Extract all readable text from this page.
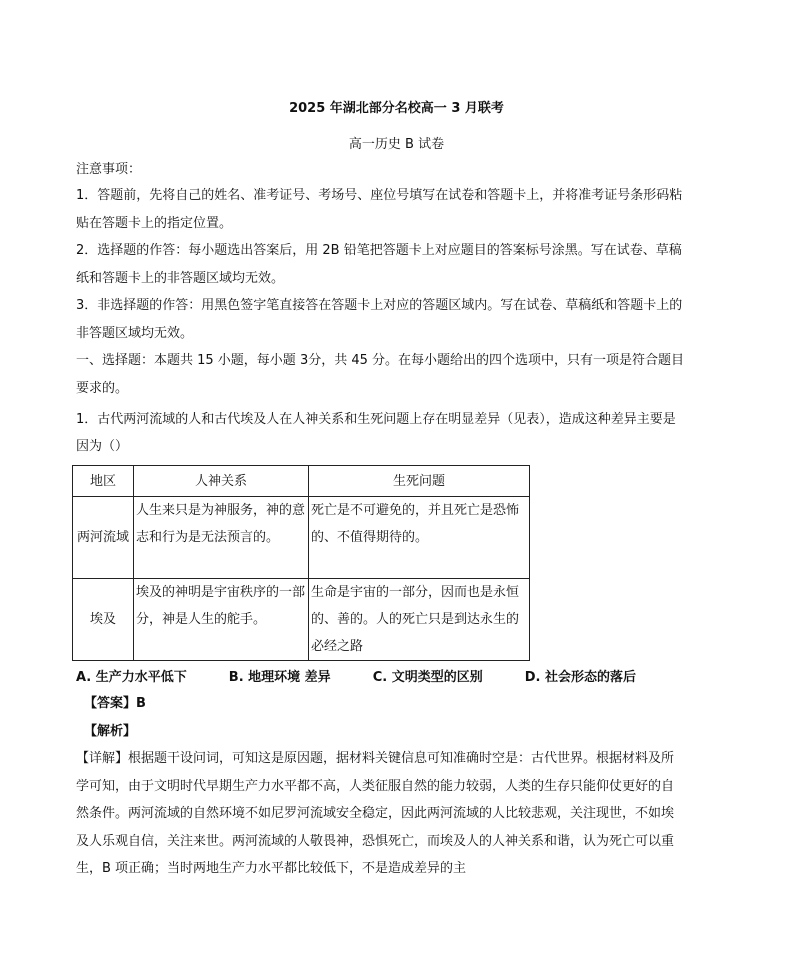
2025 年湖北部分名校高一 3 月联考
高一历史 B 试卷
注意事项：
1．答题前，先将自己的姓名、准考证号、考场号、座位号填写在试卷和答题卡上，并将准考证号条形码粘贴在答题卡上的指定位置。
2．选择题的作答：每小题选出答案后，用 2B 铅笔把答题卡上对应题目的答案标号涂黑。写在试卷、草稿纸和答题卡上的非答题区域均无效。
3．非选择题的作答：用黑色签字笔直接答在答题卡上对应的答题区域内。写在试卷、草稿纸和答题卡上的非答题区域均无效。
一、选择题：本题共 15 小题，每小题 3分，共 45 分。在每小题给出的四个选项中，只有一项是符合题目要求的。
1．古代两河流域的人和古代埃及人在人神关系和生死问题上存在明显差异（见表），造成这种差异主要是因为（）
地区	人神关系	生死问题
两河流域	人生来只是为神服务，神的意志和行为是无法预言的。	死亡是不可避免的，并且死亡是恐怖的、不值得期待的。
埃及	埃及的神明是宇宙秩序的一部分，神是人生的舵手。	生命是宇宙的一部分，因而也是永恒的、善的。人的死亡只是到达永生的必经之路
A. 生产力水平低下	B. 地理环境 差异	C. 文明类型的区别	D. 社会形态的落后
【答案】B
【解析】
【详解】根据题干设问词，可知这是原因题，据材料关键信息可知准确时空是：古代世界。根据材料及所学可知，由于文明时代早期生产力水平都不高，人类征服自然的能力较弱，人类的生存只能仰仗更好的自然条件。两河流域的自然环境不如尼罗河流域安全稳定，因此两河流域的人比较悲观，关注现世，不如埃及人乐观自信，关注来世。两河流域的人敬畏神，恐惧死亡，而埃及人的人神关系和谐，认为死亡可以重生，B 项正确；当时两地生产力水平都比较低下，不是造成差异的主
